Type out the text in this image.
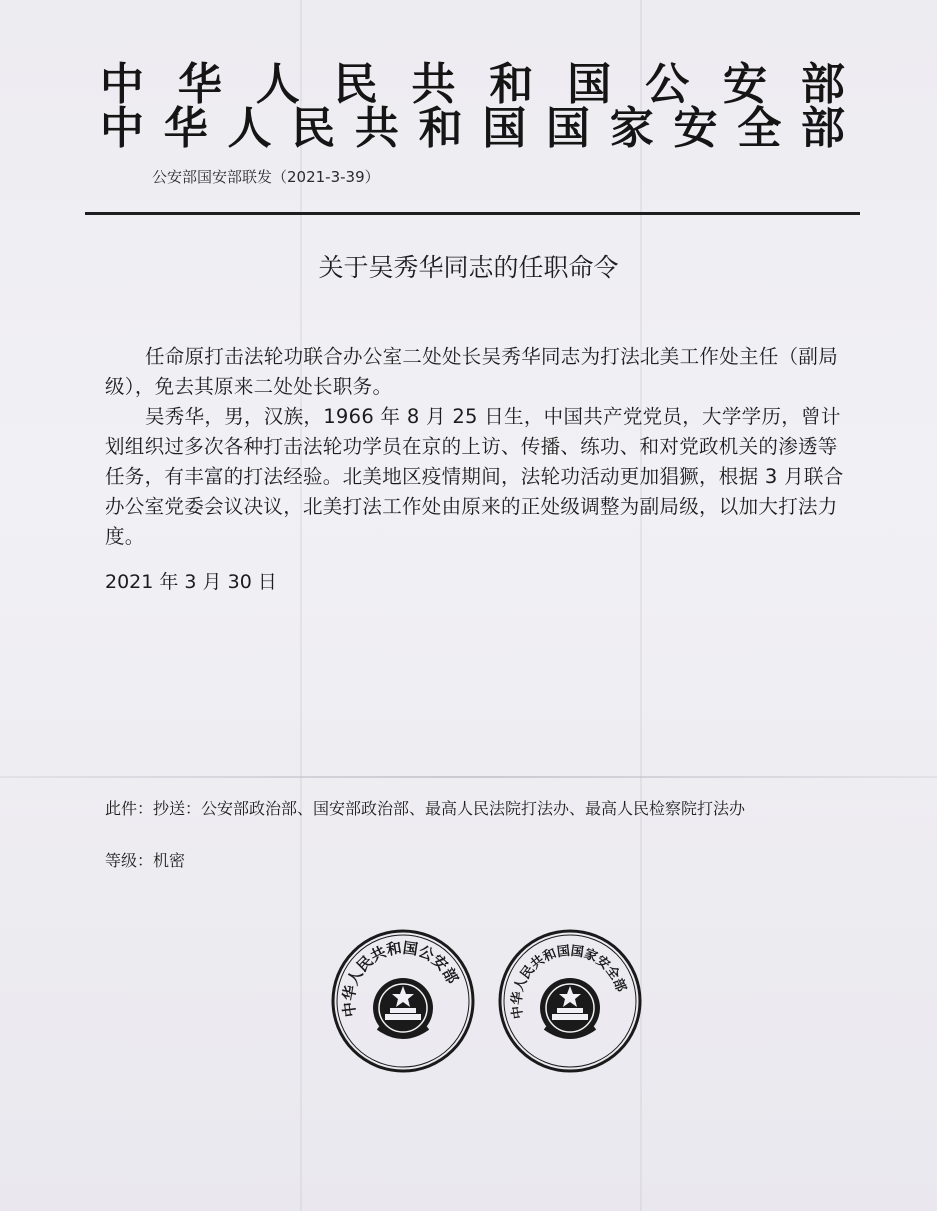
中 华 人 民 共 和 国 公 安 部
中 华 人 民 共 和 国 国 家 安 全 部
公安部国安部联发（2021-3-39）
关于吴秀华同志的任职命令
任命原打击法轮功联合办公室二处处长吴秀华同志为打法北美工作处主任（副局级），免去其原来二处处长职务。
吴秀华，男，汉族，1966 年 8 月 25 日生，中国共产党党员，大学学历，曾计划组织过多次各种打击法轮功学员在京的上访、传播、练功、和对党政机关的渗透等任务，有丰富的打法经验。北美地区疫情期间，法轮功活动更加猖獗，根据 3 月联合办公室党委会议决议，北美打法工作处由原来的正处级调整为副局级，以加大打法力度。
2021 年 3 月 30 日
此件：抄送：公安部政治部、国安部政治部、最高人民法院打法办、最高人民检察院打法办
等级：机密
中华人民共和国公安部
中华人民共和国国家安全部
